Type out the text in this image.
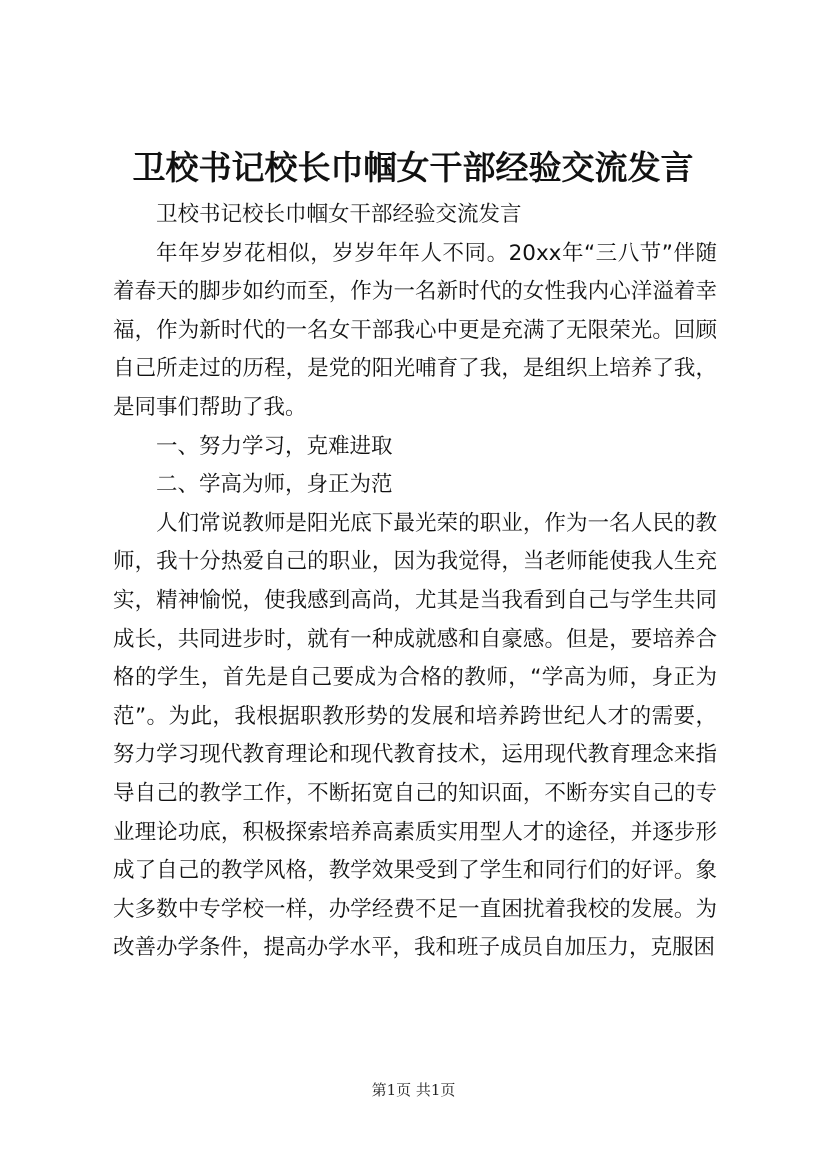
卫校书记校长巾帼女干部经验交流发言

卫校书记校长巾帼女干部经验交流发言

年年岁岁花相似，岁岁年年人不同。20xx年“三八节”伴随着春天的脚步如约而至，作为一名新时代的女性我内心洋溢着幸福，作为新时代的一名女干部我心中更是充满了无限荣光。回顾自己所走过的历程，是党的阳光哺育了我，是组织上培养了我，是同事们帮助了我。

一、努力学习，克难进取

二、学高为师，身正为范

人们常说教师是阳光底下最光荣的职业，作为一名人民的教师，我十分热爱自己的职业，因为我觉得，当老师能使我人生充实，精神愉悦，使我感到高尚，尤其是当我看到自己与学生共同成长，共同进步时，就有一种成就感和自豪感。但是，要培养合格的学生，首先是自己要成为合格的教师，“学高为师，身正为范”。为此，我根据职教形势的发展和培养跨世纪人才的需要，努力学习现代教育理论和现代教育技术，运用现代教育理念来指导自己的教学工作，不断拓宽自己的知识面，不断夯实自己的专业理论功底，积极探索培养高素质实用型人才的途径，并逐步形成了自己的教学风格，教学效果受到了学生和同行们的好评。象大多数中专学校一样，办学经费不足一直困扰着我校的发展。为改善办学条件，提高办学水平，我和班子成员自加压力，克服困

第1页 共1页
